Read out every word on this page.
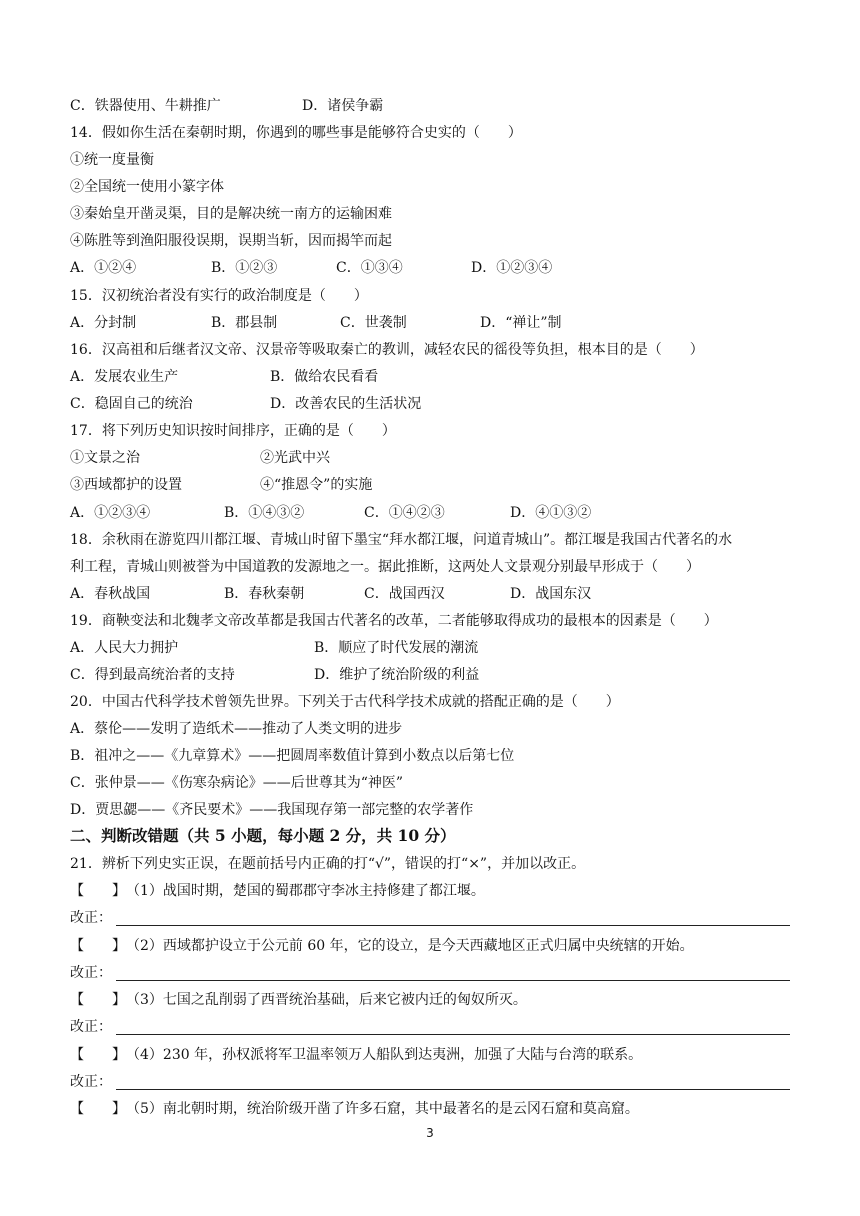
C．铁器使用、牛耕推广	D．诸侯争霸
14．假如你生活在秦朝时期，你遇到的哪些事是能够符合史实的（　　）
①统一度量衡
②全国统一使用小篆字体
③秦始皇开凿灵渠，目的是解决统一南方的运输困难
④陈胜等到渔阳服役误期，误期当斩，因而揭竿而起
A．①②④	B．①②③	C．①③④	D．①②③④
15．汉初统治者没有实行的政治制度是（　　）
A．分封制	B．郡县制	C．世袭制	D．“禅让”制
16．汉高祖和后继者汉文帝、汉景帝等吸取秦亡的教训，减轻农民的徭役等负担，根本目的是（　　）
A．发展农业生产	B．做给农民看看
C．稳固自己的统治	D．改善农民的生活状况
17．将下列历史知识按时间排序，正确的是（　　）
①文景之治	②光武中兴
③西域都护的设置	④“推恩令”的实施
A．①②③④	B．①④③②	C．①④②③	D．④①③②
18．余秋雨在游览四川都江堰、青城山时留下墨宝“拜水都江堰，问道青城山”。都江堰是我国古代著名的水
利工程，青城山则被誉为中国道教的发源地之一。据此推断，这两处人文景观分别最早形成于（　　）
A．春秋战国	B．春秋秦朝	C．战国西汉	D．战国东汉
19．商鞅变法和北魏孝文帝改革都是我国古代著名的改革，二者能够取得成功的最根本的因素是（　　）
A．人民大力拥护	B．顺应了时代发展的潮流
C．得到最高统治者的支持	D．维护了统治阶级的利益
20．中国古代科学技术曾领先世界。下列关于古代科学技术成就的搭配正确的是（　　）
A．蔡伦——发明了造纸术——推动了人类文明的进步
B．祖冲之——《九章算术》——把圆周率数值计算到小数点以后第七位
C．张仲景——《伤寒杂病论》——后世尊其为“神医”
D．贾思勰——《齐民要术》——我国现存第一部完整的农学著作
二、判断改错题（共 5 小题，每小题 2 分，共 10 分）
21．辨析下列史实正误，在题前括号内正确的打“√”，错误的打“×”，并加以改正。
【　　】 （1）战国时期，楚国的蜀郡郡守李冰主持修建了都江堰。
改正：
【　　】 （2）西域都护设立于公元前 60 年，它的设立，是今天西藏地区正式归属中央统辖的开始。
改正：
【　　】 （3）七国之乱削弱了西晋统治基础，后来它被内迁的匈奴所灭。
改正：
【　　】 （4）230 年，孙权派将军卫温率领万人船队到达夷洲，加强了大陆与台湾的联系。
改正：
【　　】 （5）南北朝时期，统治阶级开凿了许多石窟，其中最著名的是云冈石窟和莫高窟。
3
